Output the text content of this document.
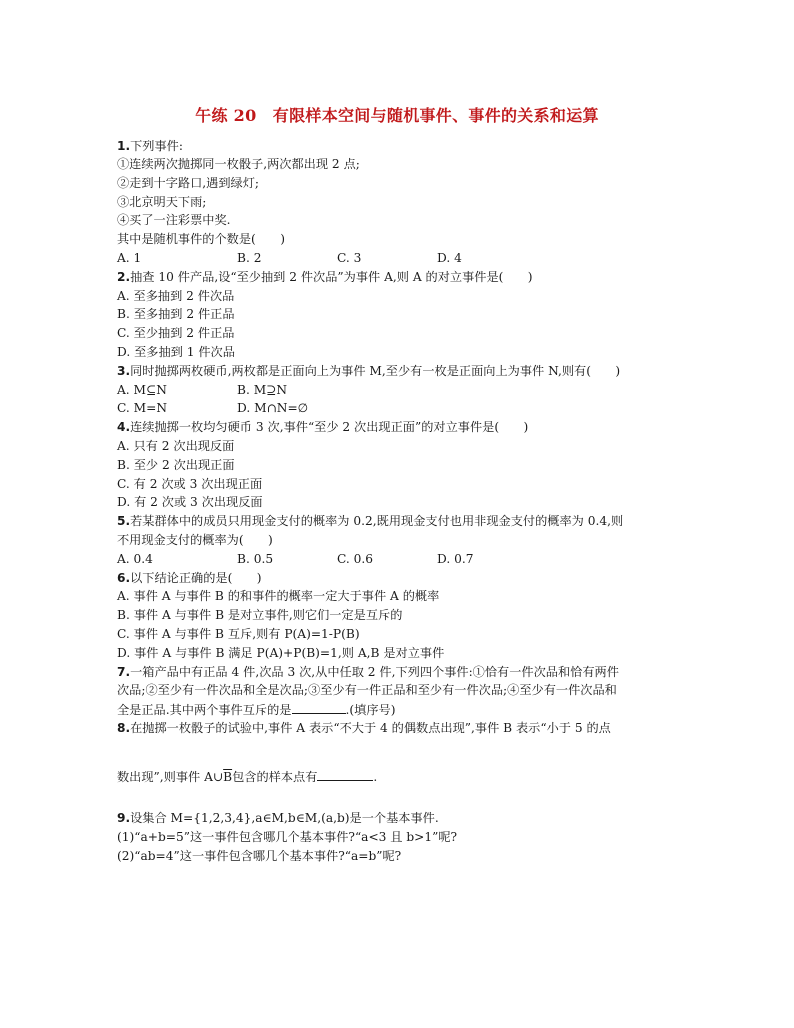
午练 20　有限样本空间与随机事件、事件的关系和运算
1.下列事件:
①连续两次抛掷同一枚骰子,两次都出现 2 点;
②走到十字路口,遇到绿灯;
③北京明天下雨;
④买了一注彩票中奖.
其中是随机事件的个数是(　　)
A. 1	B. 2	C. 3	D. 4
2.抽查 10 件产品,设“至少抽到 2 件次品”为事件 A,则 A 的对立事件是(　　)
A. 至多抽到 2 件次品
B. 至多抽到 2 件正品
C. 至少抽到 2 件正品
D. 至多抽到 1 件次品
3.同时抛掷两枚硬币,两枚都是正面向上为事件 M,至少有一枚是正面向上为事件 N,则有(　　)
A. M⊆N	B. M⊇N
C. M=N	D. M∩N=∅
4.连续抛掷一枚均匀硬币 3 次,事件“至少 2 次出现正面”的对立事件是(　　)
A. 只有 2 次出现反面
B. 至少 2 次出现正面
C. 有 2 次或 3 次出现正面
D. 有 2 次或 3 次出现反面
5.若某群体中的成员只用现金支付的概率为 0.2,既用现金支付也用非现金支付的概率为 0.4,则
不用现金支付的概率为(　　)
A. 0.4	B. 0.5	C. 0.6	D. 0.7
6.以下结论正确的是(　　)
A. 事件 A 与事件 B 的和事件的概率一定大于事件 A 的概率
B. 事件 A 与事件 B 是对立事件,则它们一定是互斥的
C. 事件 A 与事件 B 互斥,则有 P(A)=1-P(B)
D. 事件 A 与事件 B 满足 P(A)+P(B)=1,则 A,B 是对立事件
7.一箱产品中有正品 4 件,次品 3 次,从中任取 2 件,下列四个事件:①恰有一件次品和恰有两件
次品;②至少有一件次品和全是次品;③至少有一件正品和至少有一件次品;④至少有一件次品和
全是正品.其中两个事件互斥的是	.(填序号)
8.在抛掷一枚骰子的试验中,事件 A 表示“不大于 4 的偶数点出现”,事件 B 表示“小于 5 的点
数出现”,则事件 $A\cup\overline{B}$包含的样本点有	.
9.设集合 M={1,2,3,4},a∈M,b∈M,(a,b)是一个基本事件.
(1)“a+b=5”这一事件包含哪几个基本事件?“a<3 且 b>1”呢?
(2)“ab=4”这一事件包含哪几个基本事件?“a=b”呢?
